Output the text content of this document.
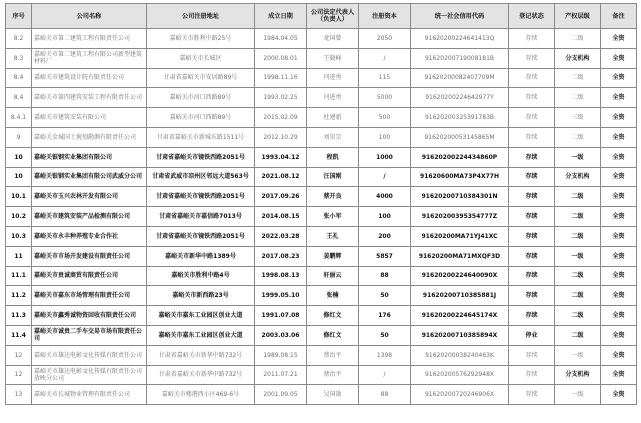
序号	公司名称	公司注册地址	成立日期	公司法定代表人（负责人）	注册资本	统一社会信用代码	登记状态	产权层级	备注
8.2	嘉峪关市第二建筑工程有限责任公司	嘉峪关市胜利中路25号	1984.04.05	龙国曾	2050	91620200224641413Q	存续	二级	全资
8.3	嘉峪关市第二建筑工程有限公司新型建筑材料厂	嘉峪关市长城区	2000.08.01	王晓峰	/	91620200719008181B	存续	分支机构	全资
8.4	嘉峪关市建筑设计院有限责任公司	甘肃省嘉峪关市安居路89号	1998.11.16	闫进勇	115	91620200082407709M	存续	二级	全资
8.4	嘉峪关市第四建筑安装工程有限责任公司	嘉峪关市河口西路89号	1993.02.25	闫进勇	5000	91620200224642977Y	存续	二级	全资
8.4.1	嘉峪关市建筑安装有限公司	嘉峪关市河口西路89号	2015.02.09	杜建新	500	91620200325391783B	存续	三级	全资
9	嘉峪关金城国土规划勘测有限责任公司	甘肃省嘉峪关市新城东路1511号	2012.10.29	刘崇宗	100	91620200053145865M	存续	二级	全资
10	嘉峪关银钢实业集团有限公司	甘肃省嘉峪关市镜铁西路2051号	1993.04.12	程凯	1000	91620200224434860P	存续	一级	全资
10	嘉峪关银钢实业集团有限公司武威分公司	甘肃省武威市凉州区邻远大道563号	2021.08.12	汪国刚	/	91620600MA73P4X77H	存续	分支机构	全资
10.1	嘉峪关市玉兴农林开发有限公司	甘肃省嘉峪关市镜铁西路2051号	2017.09.26	蔡开良	4000	91620200710384301N	存续	二级	全资
10.2	嘉峪关市建筑安装产品检测有限公司	甘肃省嘉峪关市嘉信路7013号	2014.08.15	张小军	100	91620200395354777Z	存续	二级	全资
10.3	嘉峪关市永丰种养殖专业合作社	甘肃省嘉峪关市镜铁西路2051号	2022.03.28	王礼	200	91620200MA71YJ41XC	存续	二级	全资
11	嘉峪关市市场开发建设有限责任公司	嘉峪关市新华中路1389号	2017.08.23	姜鹏辉	5857	91620200MA71MXQF3D	存续	一级	全资
11.1	嘉峪关市贵诚商贸有限责任公司	嘉峪关市胜利中路4号	1998.08.13	轩丽云	88	91620200224640090X	存续	二级	全资
11.2	嘉峪关市嘉东市场管理有限责任公司	嘉峪关市新西路23号	1999.05.10	张楠	50	91620200710385881J	存续	二级	全资
11.3	嘉峪关市鑫秀诚物资回收有限责任公司	嘉峪关市嘉东工业园区创业大道	1991.07.08	修红文	176	91620200224645174X	存续	二级	全资
11.4	嘉峪关市诚贵二手车交易市场有限责任公司	嘉峪关市嘉东工业园区创业大道	2003.03.06	修红文	50	91620200710385894X	停业	二级	全资
12	嘉峪关市雄达电影文化传媒有限责任公司	甘肃省嘉峪关市新华中路732号	1989.08.15	蔡治平	1398	91620200038240463K	存续	一级	全资
12	嘉峪关市雄达电影文化传媒有限责任公司放映分公司	甘肃省嘉峪关市新华中路732号	2011.07.21	蔡治平	/	91620200576292948X	存续	分支机构	全资
13	嘉峪关市长城物业管理有限责任公司	嘉峪关市楼港西小区469-6号	2001.09.05	吴国勋	88	91620200720246906X	存续	一级	全资
